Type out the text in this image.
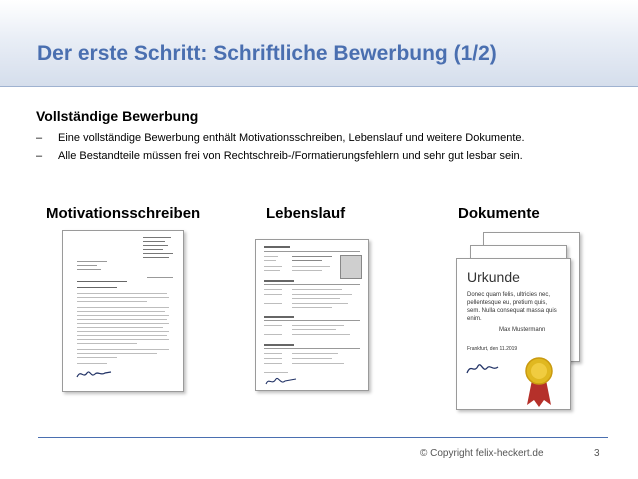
Der erste Schritt: Schriftliche Bewerbung (1/2)
Vollständige Bewerbung
– Eine vollständige Bewerbung enthält Motivationsschreiben, Lebenslauf und weitere Dokumente.
– Alle Bestandteile müssen frei von Rechtschreib-/Formatierungsfehlern und sehr gut lesbar sein.
Motivationsschreiben	Lebenslauf	Dokumente
Urkunde
Donec quam felis, ultricies nec, pellentesque eu, pretium quis, sem. Nulla consequat massa quis enim.
Max Mustermann
Frankfurt, den 11.2019
© Copyright felix-heckert.de	3
